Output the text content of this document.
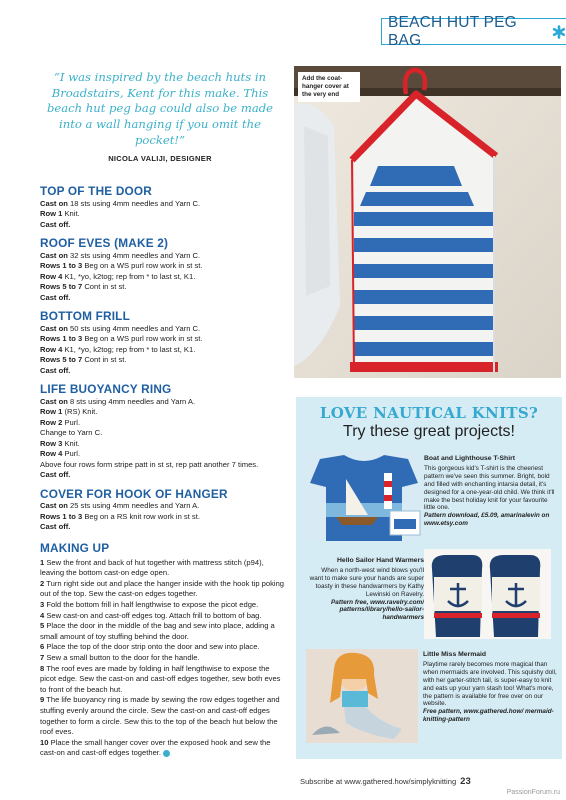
BEACH HUT PEG BAG
“I was inspired by the beach huts in Broadstairs, Kent for this make. This beach hut peg bag could also be made into a wall hanging if you omit the pocket!”
NICOLA VALIJI, DESIGNER
TOP OF THE DOOR
Cast on 18 sts using 4mm needles and Yarn C.
Row 1 Knit.
Cast off.
ROOF EVES (MAKE 2)
Cast on 32 sts using 4mm needles and Yarn C.
Rows 1 to 3 Beg on a WS purl row work in st st.
Row 4 K1, *yo, k2tog; rep from * to last st, K1.
Rows 5 to 7 Cont in st st.
Cast off.
BOTTOM FRILL
Cast on 50 sts using 4mm needles and Yarn C.
Rows 1 to 3 Beg on a WS purl row work in st st.
Row 4 K1, *yo, k2tog; rep from * to last st, K1.
Rows 5 to 7 Cont in st st.
Cast off.
LIFE BUOYANCY RING
Cast on 8 sts using 4mm needles and Yarn A.
Row 1 (RS) Knit.
Row 2 Purl.
Change to Yarn C.
Row 3 Knit.
Row 4 Purl.
Above four rows form stripe patt in st st, rep patt another 7 times.
Cast off.
COVER FOR HOOK OF HANGER
Cast on 25 sts using 4mm needles and Yarn A.
Rows 1 to 3 Beg on a RS knit row work in st st.
Cast off.
MAKING UP
1 Sew the front and back of hut together with mattress stitch (p94), leaving the bottom cast-on edge open.
2 Turn right side out and place the hanger inside with the hook tip poking out of the top. Sew the cast-on edges together.
3 Fold the bottom frill in half lengthwise to expose the picot edge.
4 Sew cast-on and cast-off edges tog. Attach frill to bottom of bag.
5 Place the door in the middle of the bag and sew into place, adding a small amount of toy stuffing behind the door.
6 Place the top of the door strip onto the door and sew into place.
7 Sew a small button to the door for the handle.
8 The roof eves are made by folding in half lengthwise to expose the picot edge. Sew the cast-on and cast-off edges together, sew both eves to front of the beach hut.
9 The life buoyancy ring is made by sewing the row edges together and stuffing evenly around the circle. Sew the cast-on and cast-off edges together to form a circle. Sew this to the top of the beach hut below the roof eves.
10 Place the small hanger cover over the exposed hook and sew the cast-on and cast-off edges together.
Add the coat-hanger cover at the very end
LOVE NAUTICAL KNITS?
Try these great projects!
Boat and Lighthouse T-Shirt
This gorgeous kid's T-shirt is the cheeriest pattern we've seen this summer. Bright, bold and filled with enchanting intarsia detail, it's designed for a one-year-old child. We think it'll make the best holiday knit for your favourite little one.
Pattern download, £5.09, amarinalevin on www.etsy.com
Hello Sailor Hand Warmers
When a north-west wind blows you'll want to make sure your hands are super toasty in these handwarmers by Kathy Lewinski on Ravelry.
Pattern free, www.ravelry.com/ patterns/library/hello-sailor- handwarmers
Little Miss Mermaid
Playtime rarely becomes more magical than when mermaids are involved. This squishy doll, with her garter-stitch tail, is super-easy to knit and eats up your yarn stash too! What's more, the pattern is available for free over on our website.
Free pattern, www.gathered.how/ mermaid-knitting-pattern
Subscribe at www.gathered.how/simplyknitting 23
PassionForum.ru
